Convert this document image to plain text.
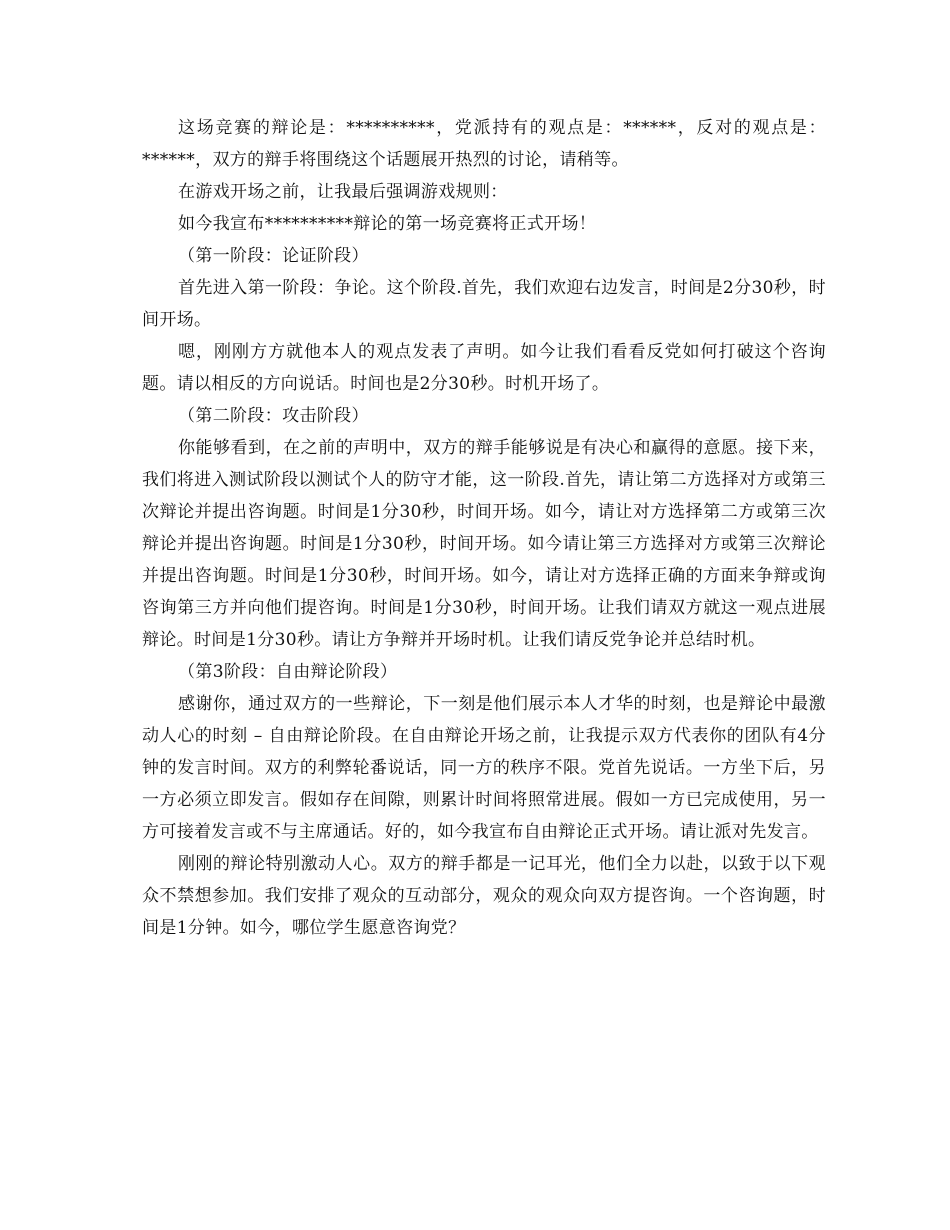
这场竞赛的辩论是：**********，党派持有的观点是：******，反对的观点是：******，双方的辩手将围绕这个话题展开热烈的讨论，请稍等。

在游戏开场之前，让我最后强调游戏规则：

如今我宣布**********辩论的第一场竞赛将正式开场！

（第一阶段：论证阶段）

首先进入第一阶段：争论。这个阶段.首先，我们欢迎右边发言，时间是2分30秒，时间开场。

嗯，刚刚方方就他本人的观点发表了声明。如今让我们看看反党如何打破这个咨询题。请以相反的方向说话。时间也是2分30秒。时机开场了。

（第二阶段：攻击阶段）

你能够看到，在之前的声明中，双方的辩手能够说是有决心和赢得的意愿。接下来，我们将进入测试阶段以测试个人的防守才能，这一阶段.首先，请让第二方选择对方或第三次辩论并提出咨询题。时间是1分30秒，时间开场。如今，请让对方选择第二方或第三次辩论并提出咨询题。时间是1分30秒，时间开场。如今请让第三方选择对方或第三次辩论并提出咨询题。时间是1分30秒，时间开场。如今，请让对方选择正确的方面来争辩或询咨询第三方并向他们提咨询。时间是1分30秒，时间开场。让我们请双方就这一观点进展辩论。时间是1分30秒。请让方争辩并开场时机。让我们请反党争论并总结时机。

（第3阶段：自由辩论阶段）

感谢你，通过双方的一些辩论，下一刻是他们展示本人才华的时刻，也是辩论中最激动人心的时刻 – 自由辩论阶段。在自由辩论开场之前，让我提示双方代表你的团队有4分钟的发言时间。双方的利弊轮番说话，同一方的秩序不限。党首先说话。一方坐下后，另一方必须立即发言。假如存在间隙，则累计时间将照常进展。假如一方已完成使用，另一方可接着发言或不与主席通话。好的，如今我宣布自由辩论正式开场。请让派对先发言。

刚刚的辩论特别激动人心。双方的辩手都是一记耳光，他们全力以赴，以致于以下观众不禁想参加。我们安排了观众的互动部分，观众的观众向双方提咨询。一个咨询题，时间是1分钟。如今，哪位学生愿意咨询党？
